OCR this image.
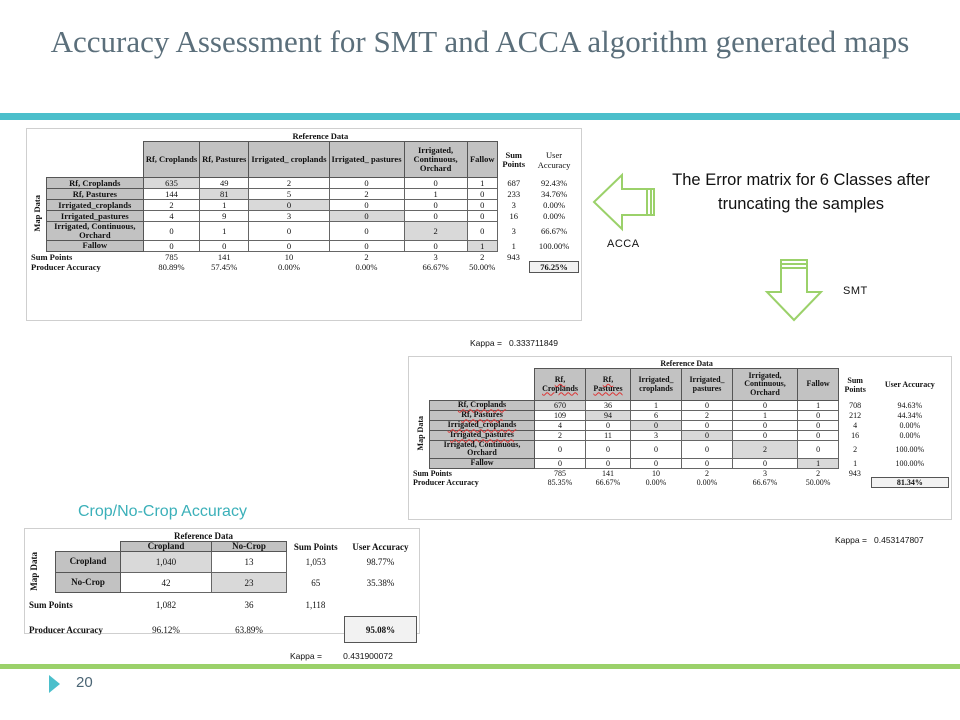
Accuracy Assessment for SMT and ACCA algorithm generated maps
		Reference Data							
		Rf, Croplands	Rf, Pastures	Irrigated_ croplands	Irrigated_ pastures	Irrigated, Continuous, Orchard	Fallow	Sum Points	User Accuracy
Map Data	Rf, Croplands	635	49	2	0	0	1	687	92.43%
	Rf, Pastures	144	81	5	2	1	0	233	34.76%
	Irrigated_croplands	2	1	0	0	0	0	3	0.00%
	Irrigated_pastures	4	9	3	0	0	0	16	0.00%
	Irrigated, Continuous, Orchard	0	1	0	0	2	0	3	66.67%
	Fallow	0	0	0	0	0	1	1	100.00%
Sum Points		785	141	10	2	3	2	943	
Producer Accuracy		80.89%	57.45%	0.00%	0.00%	66.67%	50.00%		76.25%
Kappa = 0.333711849
ACCA
The Error matrix for 6 Classes after truncating the samples
SMT
		Reference Data							
		Rf, Croplands	Rf, Pastures	Irrigated_ croplands	Irrigated_ pastures	Irrigated, Continuous, Orchard	Fallow	Sum Points	User Accuracy
Map Data	Rf, Croplands	670	36	1	0	0	1	708	94.63%
	Rf, Pastures	109	94	6	2	1	0	212	44.34%
	Irrigated_croplands	4	0	0	0	0	0	4	0.00%
	Irrigated_pastures	2	11	3	0	0	0	16	0.00%
	Irrigated, Continuous, Orchard	0	0	0	0	2	0	2	100.00%
	Fallow	0	0	0	0	0	1	1	100.00%
Sum Points		785	141	10	2	3	2	943	
Producer Accuracy		85.35%	66.67%	0.00%	0.00%	66.67%	50.00%		81.34%
Kappa = 0.453147807
Crop/No-Crop Accuracy
		Reference Data			
		Cropland	No-Crop	Sum Points	User Accuracy
Map Data	Cropland	1,040	13	1,053	98.77%
	No-Crop	42	23	65	35.38%
Sum Points		1,082	36	1,118	
Producer Accuracy		96.12%	63.89%		95.08%
Kappa =	0.431900072
20
